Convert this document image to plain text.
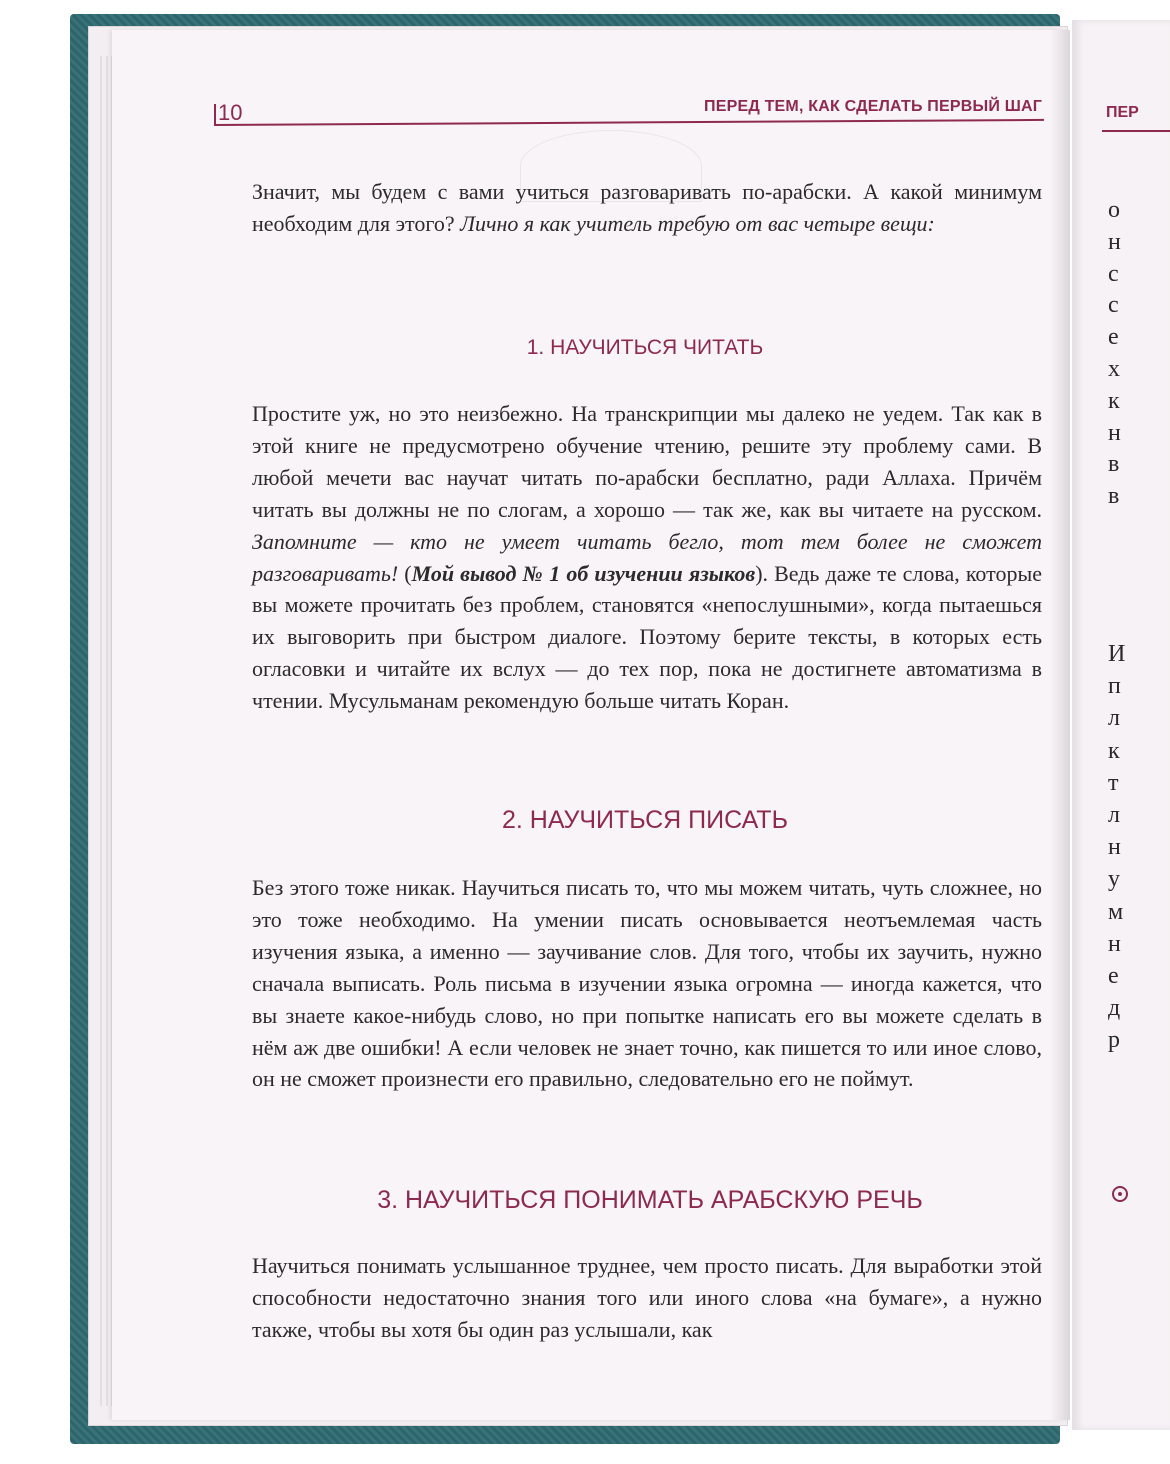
ПЕР
о
н
с
с
е
х
к
н
в
в
И
п
л
к
т
л
н
у
м
н
е
д
р
10	ПЕРЕД ТЕМ, КАК СДЕЛАТЬ ПЕРВЫЙ ШАГ

Значит, мы будем с вами учиться разговаривать по-арабски. А какой минимум необходим для этого? Лично я как учитель требую от вас четыре вещи:

1. НАУЧИТЬСЯ ЧИТАТЬ

Простите уж, но это неизбежно. На транскрипции мы далеко не уедем. Так как в этой книге не предусмотрено обучение чтению, решите эту проблему сами. В любой мечети вас научат читать по-арабски бесплатно, ради Аллаха. Причём читать вы должны не по слогам, а хорошо — так же, как вы читаете на русском. Запомните — кто не умеет читать бегло, тот тем более не сможет разговаривать! (Мой вывод № 1 об изучении языков). Ведь даже те слова, которые вы можете прочитать без проблем, становятся «непослушными», когда пытаешься их выговорить при быстром диалоге. Поэтому берите тексты, в которых есть огласовки и читайте их вслух — до тех пор, пока не достигнете автоматизма в чтении. Мусульманам рекомендую больше читать Коран.

2. НАУЧИТЬСЯ ПИСАТЬ

Без этого тоже никак. Научиться писать то, что мы можем читать, чуть сложнее, но это тоже необходимо. На умении писать основывается неотъемлемая часть изучения языка, а именно — заучивание слов. Для того, чтобы их заучить, нужно сначала выписать. Роль письма в изучении языка огромна — иногда кажется, что вы знаете какое-нибудь слово, но при попытке написать его вы можете сделать в нём аж две ошибки! А если человек не знает точно, как пишется то или иное слово, он не сможет произнести его правильно, следовательно его не поймут.

3. НАУЧИТЬСЯ ПОНИМАТЬ АРАБСКУЮ РЕЧЬ

Научиться понимать услышанное труднее, чем просто писать. Для выработки этой способности недостаточно знания того или иного слова «на бумаге», а нужно также, чтобы вы хотя бы один раз услышали, как
